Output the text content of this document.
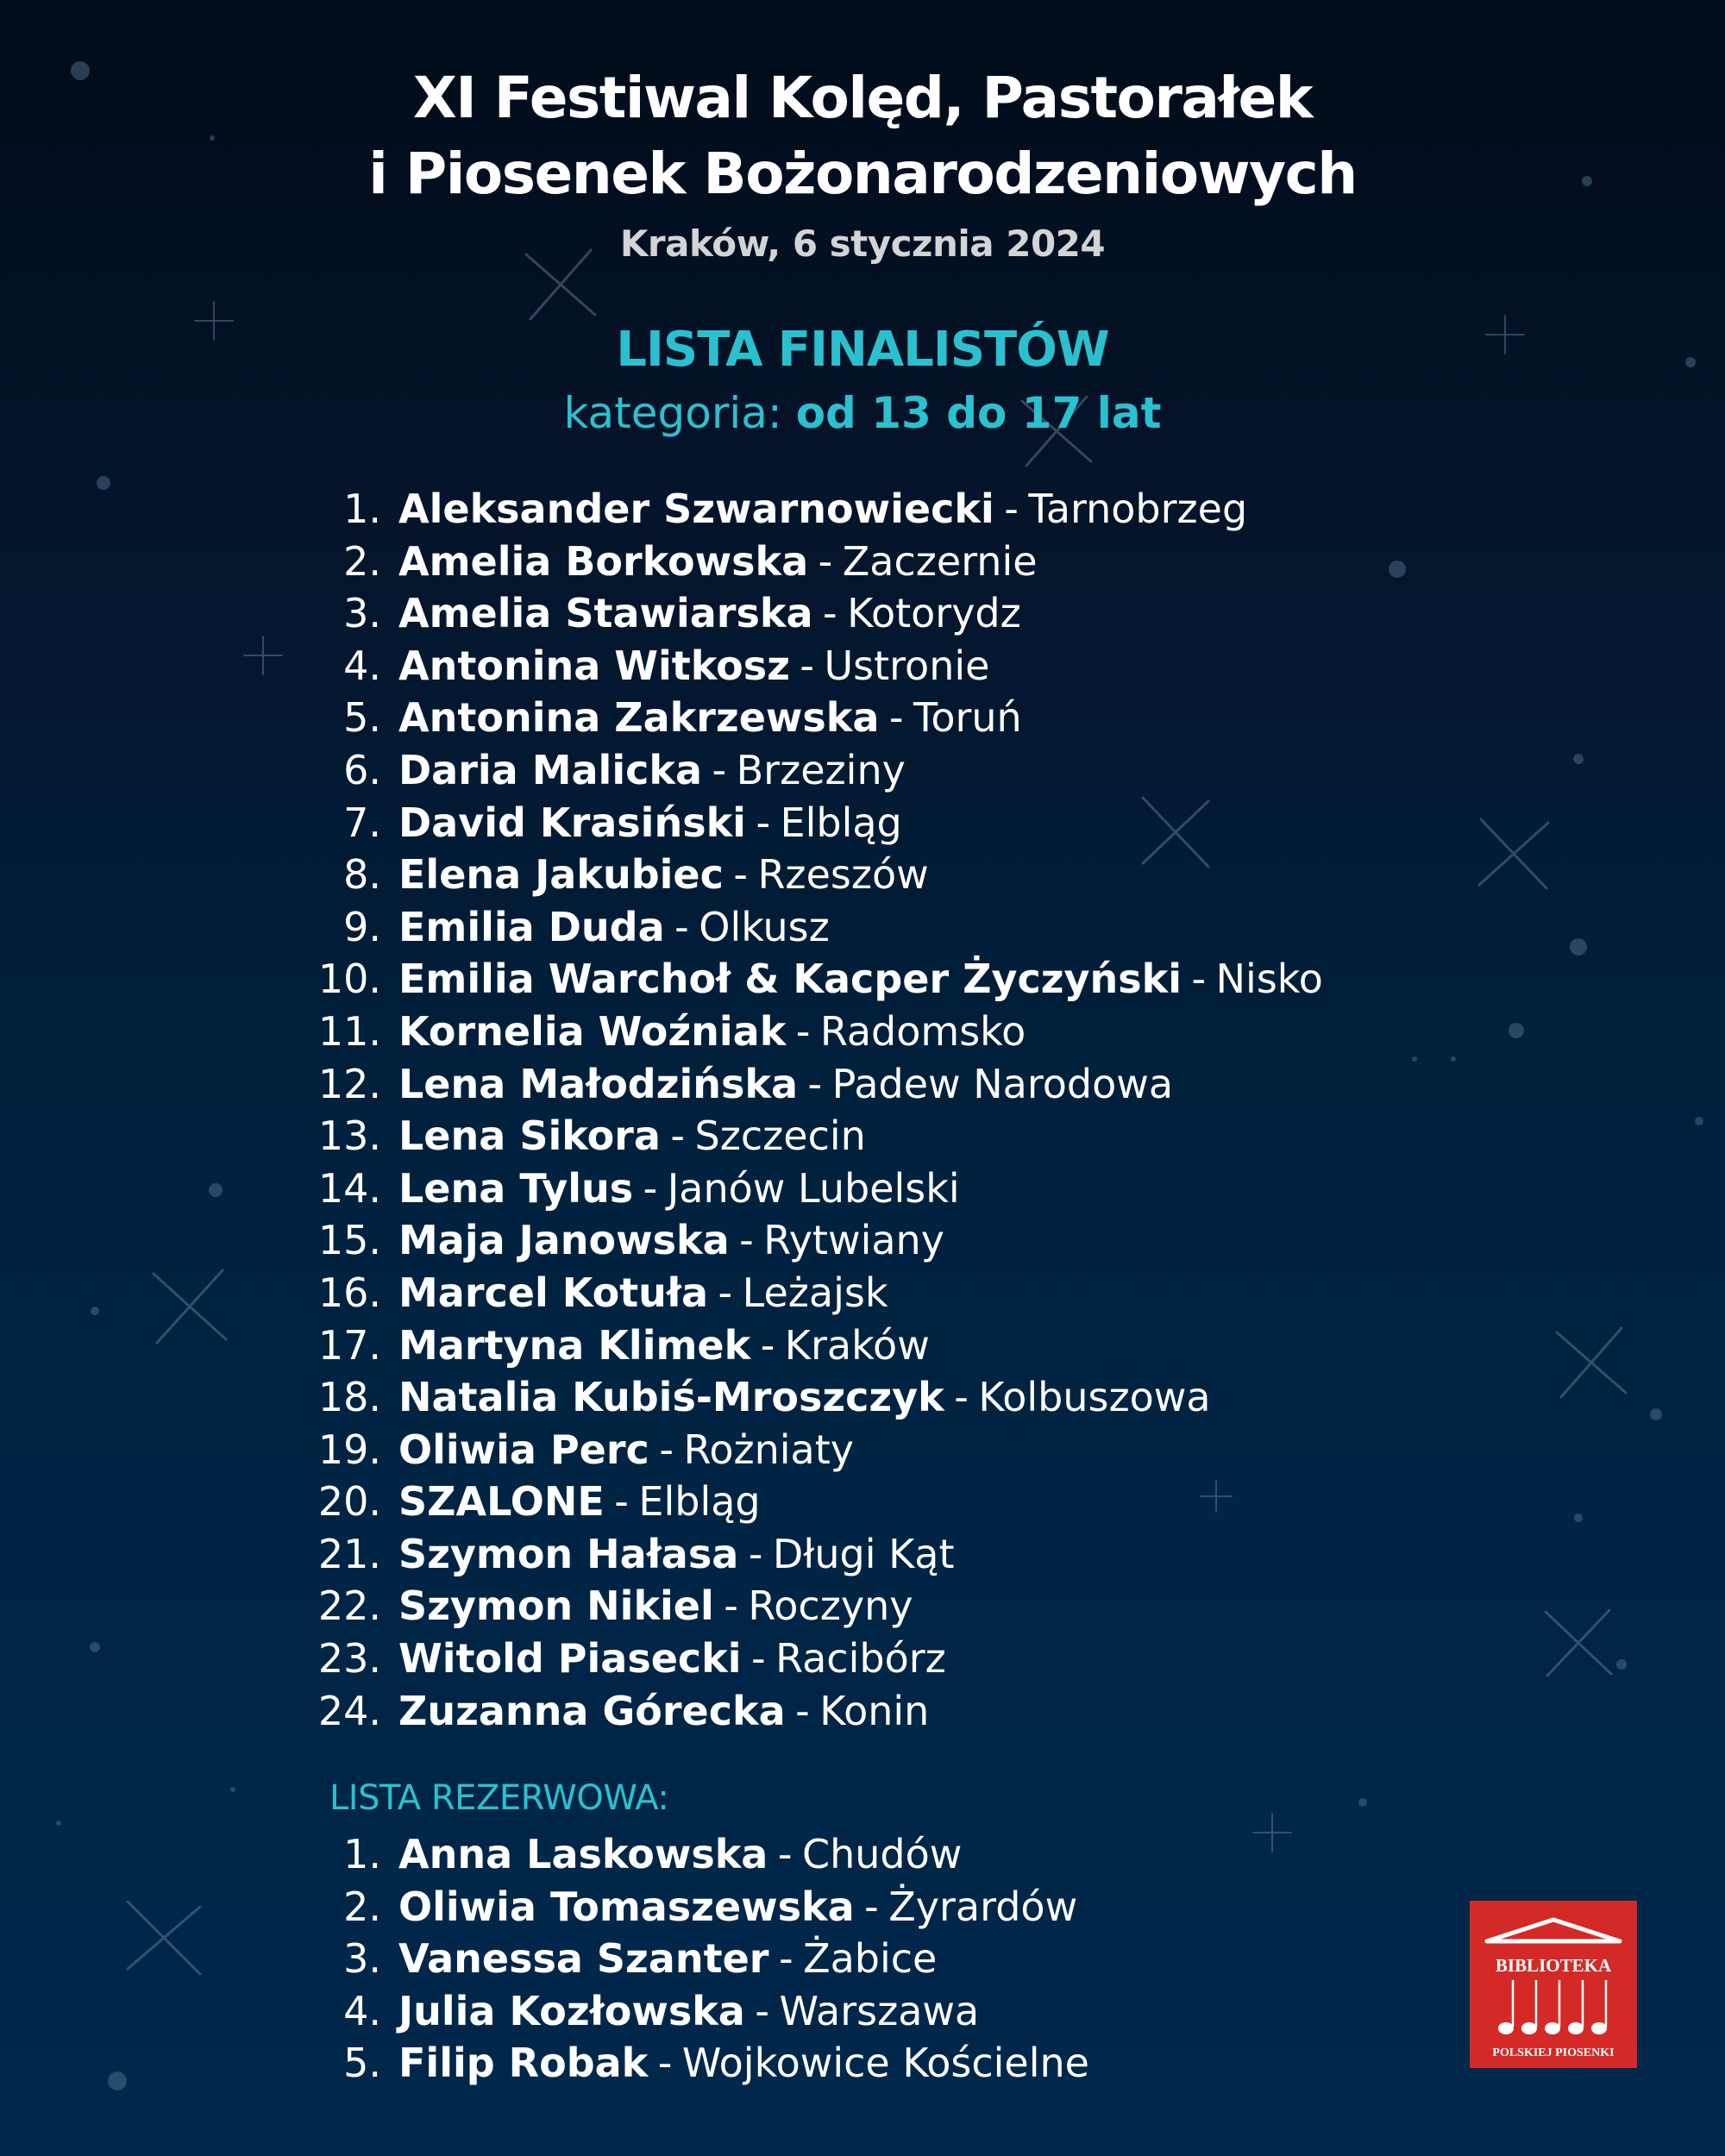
XI Festiwal Kolęd, Pastorałek
i Piosenek Bożonarodzeniowych
Kraków, 6 stycznia 2024
LISTA FINALISTÓW
kategoria: od 13 do 17 lat
1. Aleksander Szwarnowiecki - Tarnobrzeg
2. Amelia Borkowska - Zaczernie
3. Amelia Stawiarska - Kotorydz
4. Antonina Witkosz - Ustronie
5. Antonina Zakrzewska - Toruń
6. Daria Malicka - Brzeziny
7. David Krasiński - Elbląg
8. Elena Jakubiec - Rzeszów
9. Emilia Duda - Olkusz
10. Emilia Warchoł & Kacper Życzyński - Nisko
11. Kornelia Woźniak - Radomsko
12. Lena Małodzińska - Padew Narodowa
13. Lena Sikora - Szczecin
14. Lena Tylus - Janów Lubelski
15. Maja Janowska - Rytwiany
16. Marcel Kotuła - Leżajsk
17. Martyna Klimek - Kraków
18. Natalia Kubiś-Mroszczyk - Kolbuszowa
19. Oliwia Perc - Rożniaty
20. SZALONE - Elbląg
21. Szymon Hałasa - Długi Kąt
22. Szymon Nikiel - Roczyny
23. Witold Piasecki - Racibórz
24. Zuzanna Górecka - Konin
LISTA REZERWOWA:
1. Anna Laskowska - Chudów
2. Oliwia Tomaszewska - Żyrardów
3. Vanessa Szanter - Żabice
4. Julia Kozłowska - Warszawa
5. Filip Robak - Wojkowice Kościelne
BIBLIOTEKA
POLSKIEJ PIOSENKI
